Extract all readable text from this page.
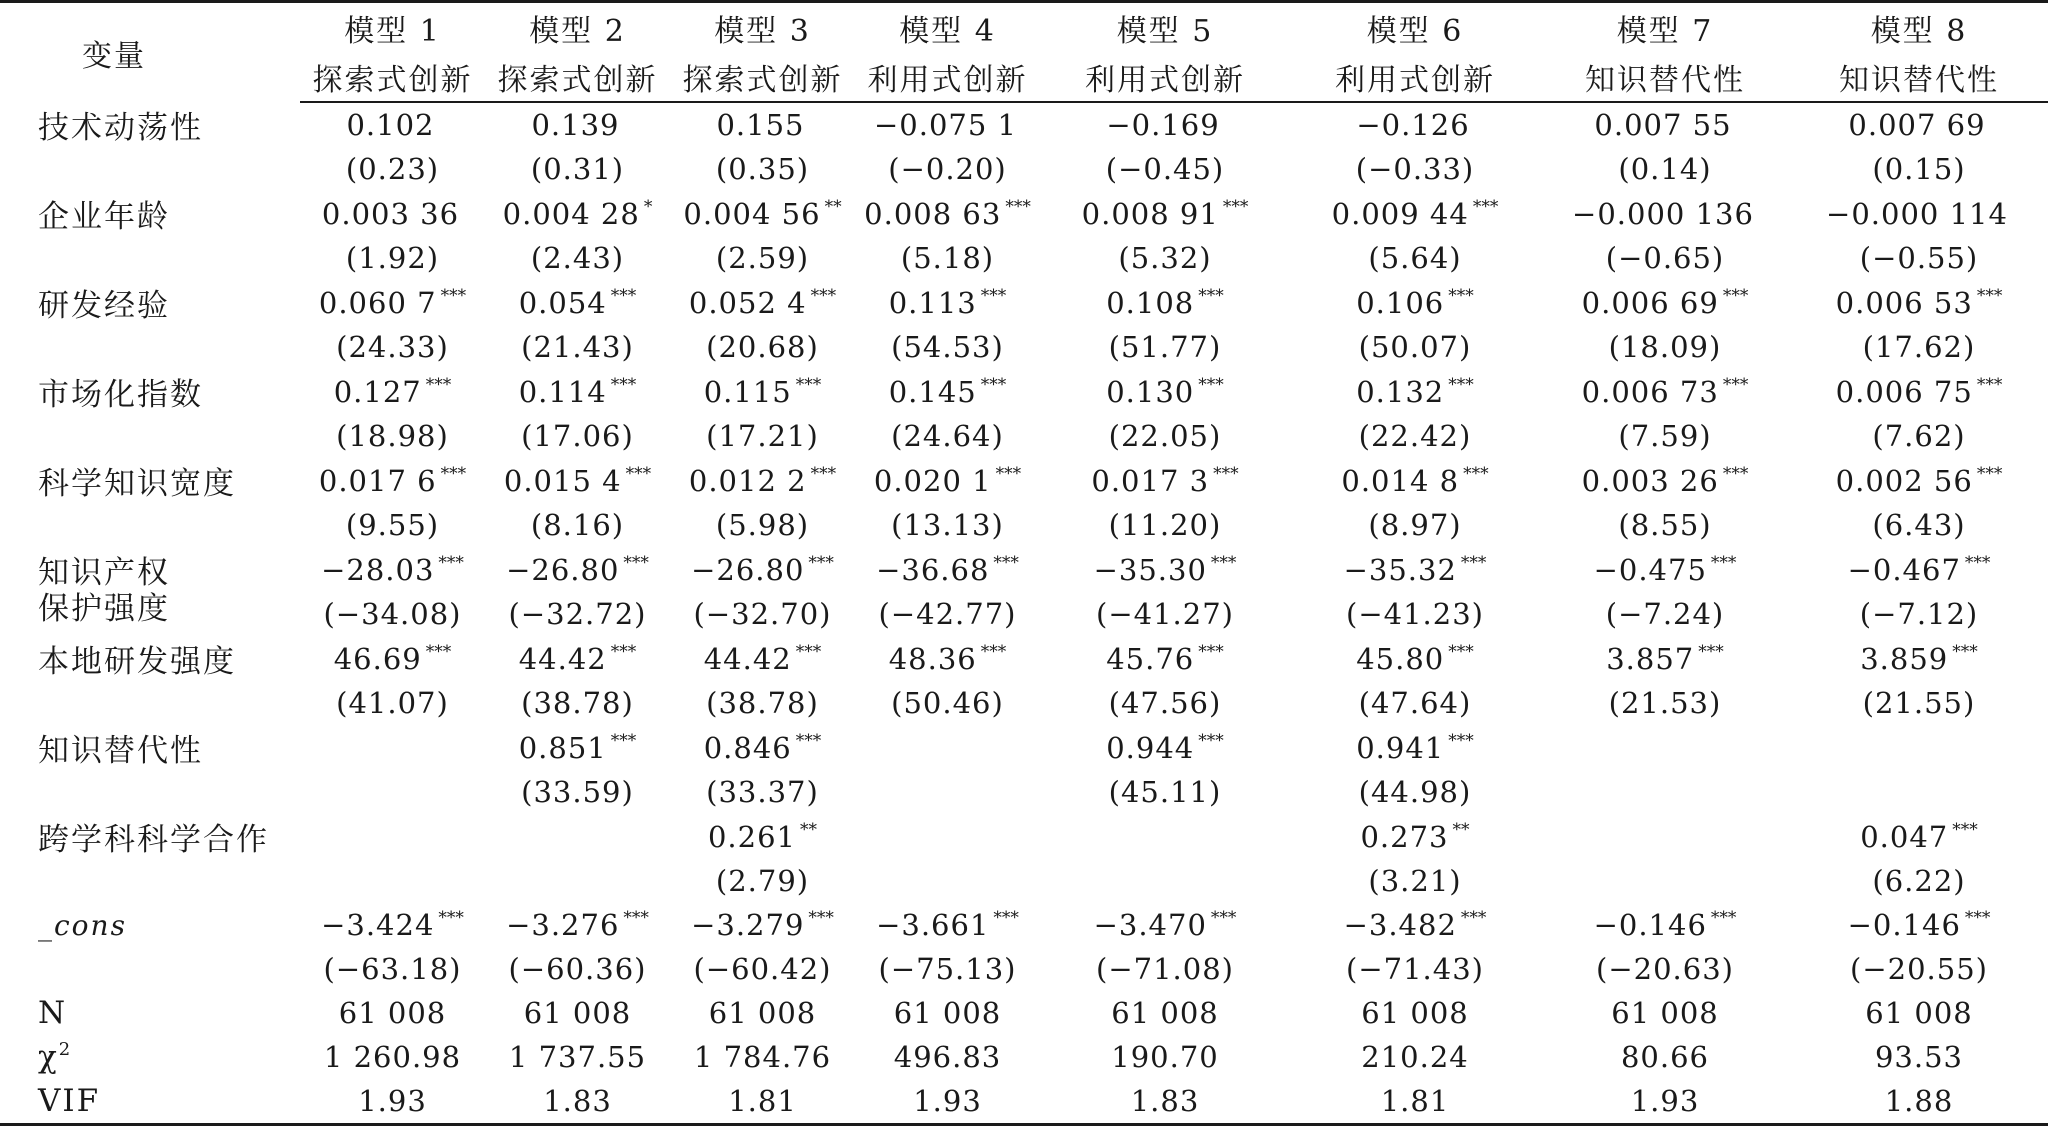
变量	模型 1	模型 2	模型 3	模型 4	模型 5	模型 6	模型 7	模型 8
	探索式创新	探索式创新	探索式创新	利用式创新	利用式创新	利用式创新	知识替代性	知识替代性
技术动荡性	0.102	0.139	0.155	−0.075 1	−0.169	−0.126	0.007 55	0.007 69
	(0.23)	(0.31)	(0.35)	(−0.20)	(−0.45)	(−0.33)	(0.14)	(0.15)
企业年龄	0.003 36	0.004 28 *	0.004 56 **	0.008 63 ***	0.008 91 ***	0.009 44 ***	−0.000 136	−0.000 114
	(1.92)	(2.43)	(2.59)	(5.18)	(5.32)	(5.64)	(−0.65)	(−0.55)
研发经验	0.060 7 ***	0.054 ***	0.052 4 ***	0.113 ***	0.108 ***	0.106 ***	0.006 69 ***	0.006 53 ***
	(24.33)	(21.43)	(20.68)	(54.53)	(51.77)	(50.07)	(18.09)	(17.62)
市场化指数	0.127 ***	0.114 ***	0.115 ***	0.145 ***	0.130 ***	0.132 ***	0.006 73 ***	0.006 75 ***
	(18.98)	(17.06)	(17.21)	(24.64)	(22.05)	(22.42)	(7.59)	(7.62)
科学知识宽度	0.017 6 ***	0.015 4 ***	0.012 2 ***	0.020 1 ***	0.017 3 ***	0.014 8 ***	0.003 26 ***	0.002 56 ***
	(9.55)	(8.16)	(5.98)	(13.13)	(11.20)	(8.97)	(8.55)	(6.43)
知识产权	−28.03 ***	−26.80 ***	−26.80 ***	−36.68 ***	−35.30 ***	−35.32 ***	−0.475 ***	−0.467 ***
保护强度	(−34.08)	(−32.72)	(−32.70)	(−42.77)	(−41.27)	(−41.23)	(−7.24)	(−7.12)
本地研发强度	46.69 ***	44.42 ***	44.42 ***	48.36 ***	45.76 ***	45.80 ***	3.857 ***	3.859 ***
	(41.07)	(38.78)	(38.78)	(50.46)	(47.56)	(47.64)	(21.53)	(21.55)
知识替代性		0.851 ***	0.846 ***		0.944 ***	0.941 ***		
		(33.59)	(33.37)		(45.11)	(44.98)		
跨学科科学合作			0.261 **			0.273 **		0.047 ***
			(2.79)			(3.21)		(6.22)
_cons	−3.424 ***	−3.276 ***	−3.279 ***	−3.661 ***	−3.470 ***	−3.482 ***	−0.146 ***	−0.146 ***
	(−63.18)	(−60.36)	(−60.42)	(−75.13)	(−71.08)	(−71.43)	(−20.63)	(−20.55)
N	61 008	61 008	61 008	61 008	61 008	61 008	61 008	61 008
$\chi^2$	1 260.98	1 737.55	1 784.76	496.83	190.70	210.24	80.66	93.53
VIF	1.93	1.83	1.81	1.93	1.83	1.81	1.93	1.88
